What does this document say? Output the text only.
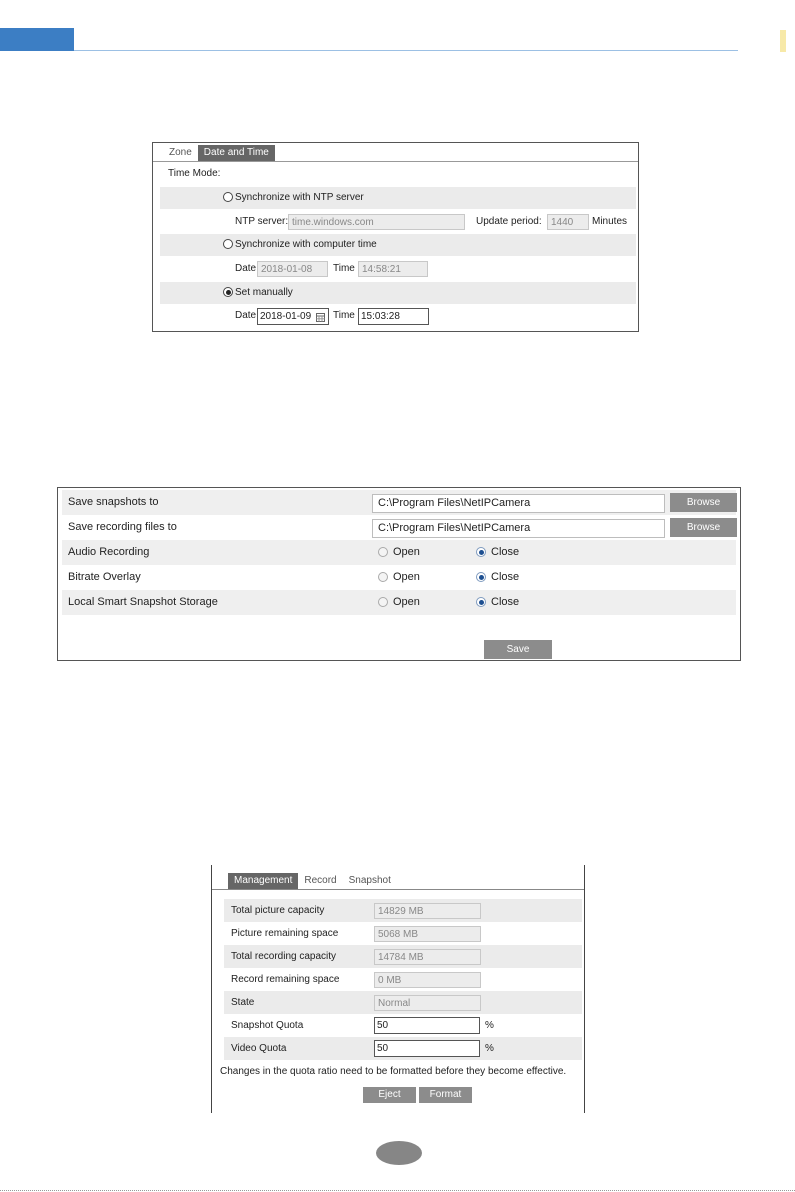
Zone	Date and Time
Time Mode:
Synchronize with NTP server
NTP server: time.windows.com	Update period: 1440	Minutes
Synchronize with computer time
Date 2018-01-08	Time 14:58:21
Set manually
Date 2018-01-09	Time 15:03:28
Save snapshots to	C:\Program Files\NetIPCamera	Browse
Save recording files to	C:\Program Files\NetIPCamera	Browse
Audio Recording	Open	Close
Bitrate Overlay	Open	Close
Local Smart Snapshot Storage	Open	Close
Save
Management	Record	Snapshot
Total picture capacity	14829 MB
Picture remaining space	5068 MB
Total recording capacity	14784 MB
Record remaining space	0 MB
State	Normal
Snapshot Quota	50	%
Video Quota	50	%
Changes in the quota ratio need to be formatted before they become effective.
Eject	Format
